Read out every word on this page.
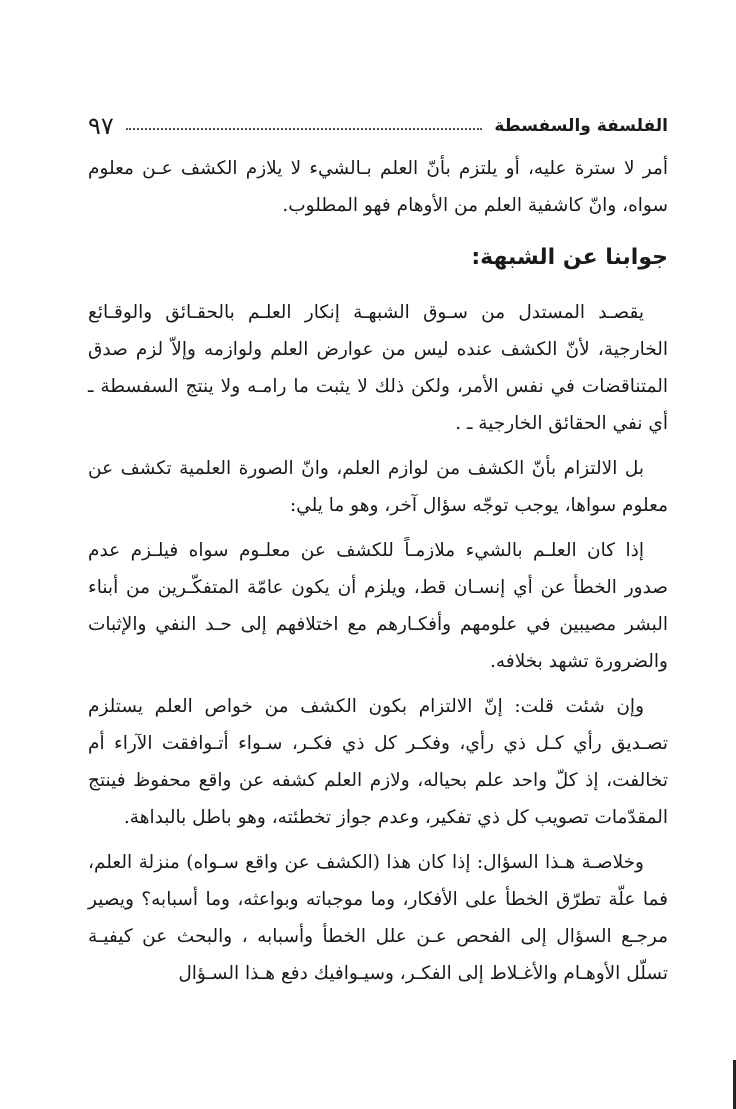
الفلسفة والسفسطة
٩٧

أمر لا سترة عليه، أو يلتزم بأنّ العلم بـالشيء لا يلازم الكشف عـن معلوم سواه، وانّ كاشفية العلم من الأوهام فهو المطلوب.

جوابنا عن الشبهة:

يقصـد المستدل من سـوق الشبهـة إنكار العلـم بالحقـائق والوقـائع الخارجية، لأنّ الكشف عنده ليس من عوارض العلم ولوازمه وإلاّ لزم صدق المتناقضات في نفس الأمر، ولكن ذلك لا يثبت ما رامـه ولا ينتج السفسطة ـ أي نفي الحقائق الخارجية ـ .

بل الالتزام بأنّ الكشف من لوازم العلم، وانّ الصورة العلمية تكشف عن معلوم سواها، يوجب توجّه سؤال آخر، وهو ما يلي:

إذا كان العلـم بالشيء ملازمـاً للكشف عن معلـوم سواه فيلـزم عدم صدور الخطأ عن أي إنسـان قط، ويلزم أن يكون عامّة المتفكّـرين من أبناء البشر مصيبين في علومهم وأفكـارهم مع اختلافهم إلى حـد النفي والإثبات والضرورة تشهد بخلافه.

وإن شئت قلت: إنّ الالتزام بكون الكشف من خواص العلم يستلزم تصـديق رأي كـل ذي رأي، وفكـر كل ذي فكـر، سـواء أتـوافقت الآراء أم تخالفت، إذ كلّ واحد علم بحياله، ولازم العلم كشفه عن واقع محفوظ فينتج المقدّمات تصويب كل ذي تفكير، وعدم جواز تخطئته، وهو باطل بالبداهة.

وخلاصـة هـذا السؤال: إذا كان هذا (الكشف عن واقع سـواه) منزلة العلم، فما علّة تطرّق الخطأ على الأفكار، وما موجباته وبواعثه، وما أسبابه؟ ويصير مرجـع السؤال إلى الفحص عـن علل الخطأ وأسبابه ، والبحث عن كيفيـة تسلّل الأوهـام والأغـلاط إلى الفكـر، وسيـوافيك دفع هـذا السـؤال
